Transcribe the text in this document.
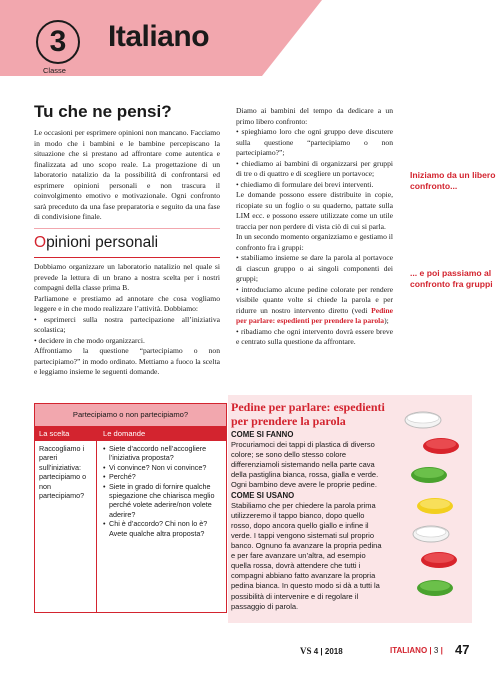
3
Classe
Italiano
Tu che ne pensi?

Le occasioni per esprimere opinioni non mancano. Facciamo in modo che i bambini e le bambine percepiscano la situazione che si prestano ad affrontare come autentica e finalizzata ad uno scopo reale. La progettazione di un laboratorio natalizio da la possibilità di confrontarsi ed esprimere opinioni personali e non trascura il coinvolgimento emotivo e motivazionale. Ogni confronto sarà preceduto da una fase preparatoria e seguito da una fase di condivisione finale.

Opinioni personali

Dobbiamo organizzare un laboratorio natalizio nel quale si prevede la lettura di un brano a nostra scelta per i nostri compagni della classe prima B.

Parliamone e prestiamo ad annotare che cosa vogliamo leggere e in che modo realizzare l’attività. Dobbiamo:

• esprimerci sulla nostra partecipazione all’iniziativa scolastica;

• decidere in che modo organizzarci.

Affrontiamo la questione “partecipiamo o non partecipiamo?” in modo ordinato. Mettiamo a fuoco la scelta e leggiamo insieme le seguenti domande.

Partecipiamo o non partecipiamo?
La scelta	Le domande
Raccogliamo i pareri sull’iniziativa: partecipiamo o non partecipiamo?
• Siete d’accordo nell’accogliere l’iniziativa proposta?
• Vi convince? Non vi convince?
• Perché?
• Siete in grado di fornire qualche spiegazione che chiarisca meglio perché volete aderire/non volete aderire?
• Chi è d’accordo? Chi non lo è? Avete qualche altra proposta?

Diamo ai bambini del tempo da dedicare a un primo libero confronto:

• spieghiamo loro che ogni gruppo deve discutere sulla questione “partecipiamo o non partecipiamo?”;

• chiediamo ai bambini di organizzarsi per gruppi di tre o di quattro e di scegliere un portavoce;

• chiediamo di formulare dei brevi interventi.

Le domande possono essere distribuite in copie, ricopiate su un foglio o su quaderno, pattate sulla LIM ecc. e possono essere utilizzate come un utile traccia per non perdere di vista ciò di cui si parla.

In un secondo momento organizziamo e gestiamo il confronto fra i gruppi:

• stabiliamo insieme se dare la parola al portavoce di ciascun gruppo o ai singoli componenti dei gruppi;

• introduciamo alcune pedine colorate per rendere visibile quante volte si chiede la parola e per ridurre un nostro intervento diretto (vedi Pedine per parlare: espedienti per prendere la parola);

• ribadiamo che ogni intervento dovrà essere breve e centrato sulla questione da affrontare.

Iniziamo da un libero confronto...
... e poi passiamo al confronto fra gruppi
Pedine per parlare: espedienti per prendere la parola
COME SI FANNO
Procuriamoci dei tappi di plastica di diverso colore; se sono dello stesso colore differenziamoli sistemando nella parte cava della pastiglina bianca, rossa, gialla e verde. Ogni bambino deve avere le proprie pedine.
COME SI USANO
Stabiliamo che per chiedere la parola prima utilizzeremo il tappo bianco, dopo quello rosso, dopo ancora quello giallo e infine il verde. I tappi vengono sistemati sul proprio banco. Ognuno fa avanzare la propria pedina e per fare avanzare un’altra, ad esempio quella rossa, dovrà attendere che tutti i compagni abbiano fatto avanzare la propria pedina bianca. In questo modo si dà a tutti la possibilità di intervenire e di regolare il passaggio di parola.
VS 4 | 2018	ITALIANO | 3 | 47
